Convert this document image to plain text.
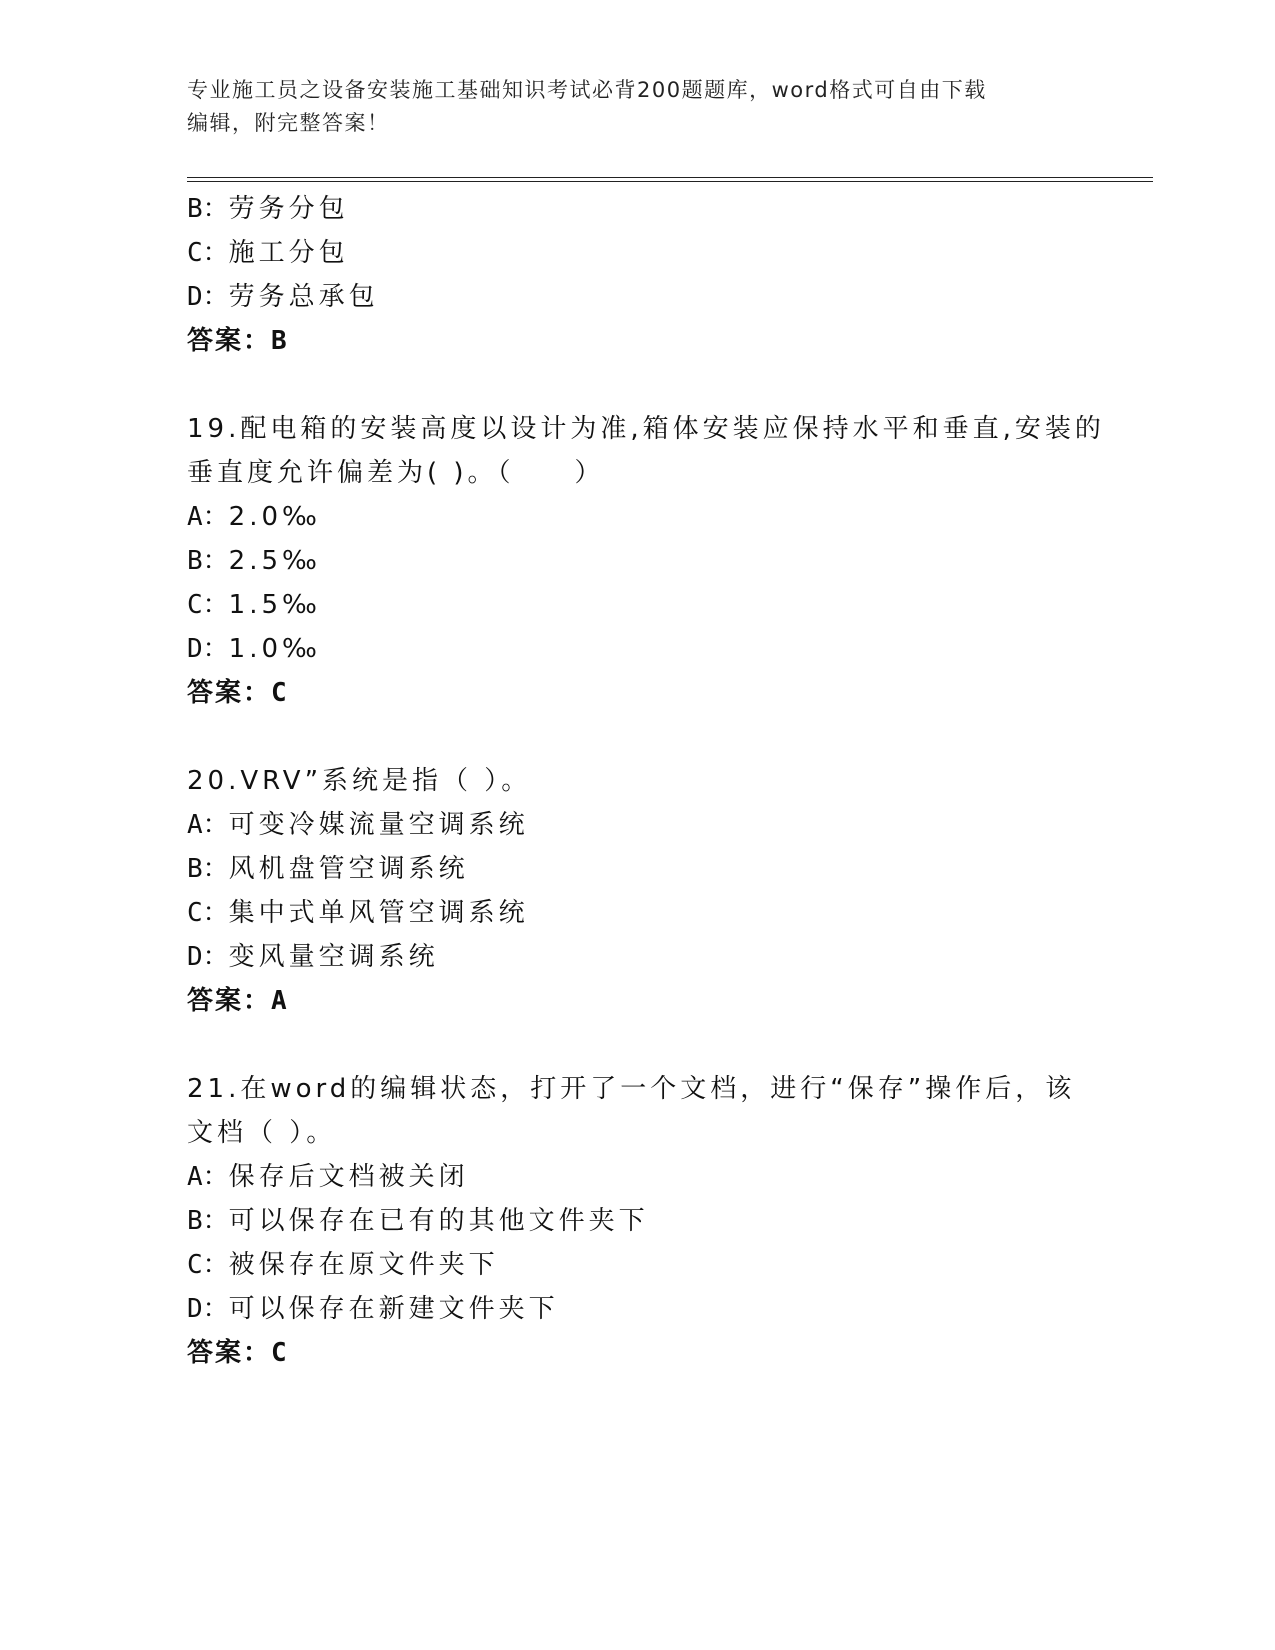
专业施工员之设备安装施工基础知识考试必背200题题库，word格式可自由下载
编辑，附完整答案！
B：劳务分包
C：施工分包
D：劳务总承包
答案：B
19.配电箱的安装高度以设计为准,箱体安装应保持水平和垂直,安装的
垂直度允许偏差为( )。（　　）
A：2.0‰
B：2.5‰
C：1.5‰
D：1.0‰
答案：C
20.VRV”系统是指（ ）。
A：可变冷媒流量空调系统
B：风机盘管空调系统
C：集中式单风管空调系统
D：变风量空调系统
答案：A
21.在word的编辑状态，打开了一个文档，进行“保存”操作后，该
文档（ ）。
A：保存后文档被关闭
B：可以保存在已有的其他文件夹下
C：被保存在原文件夹下
D：可以保存在新建文件夹下
答案：C
